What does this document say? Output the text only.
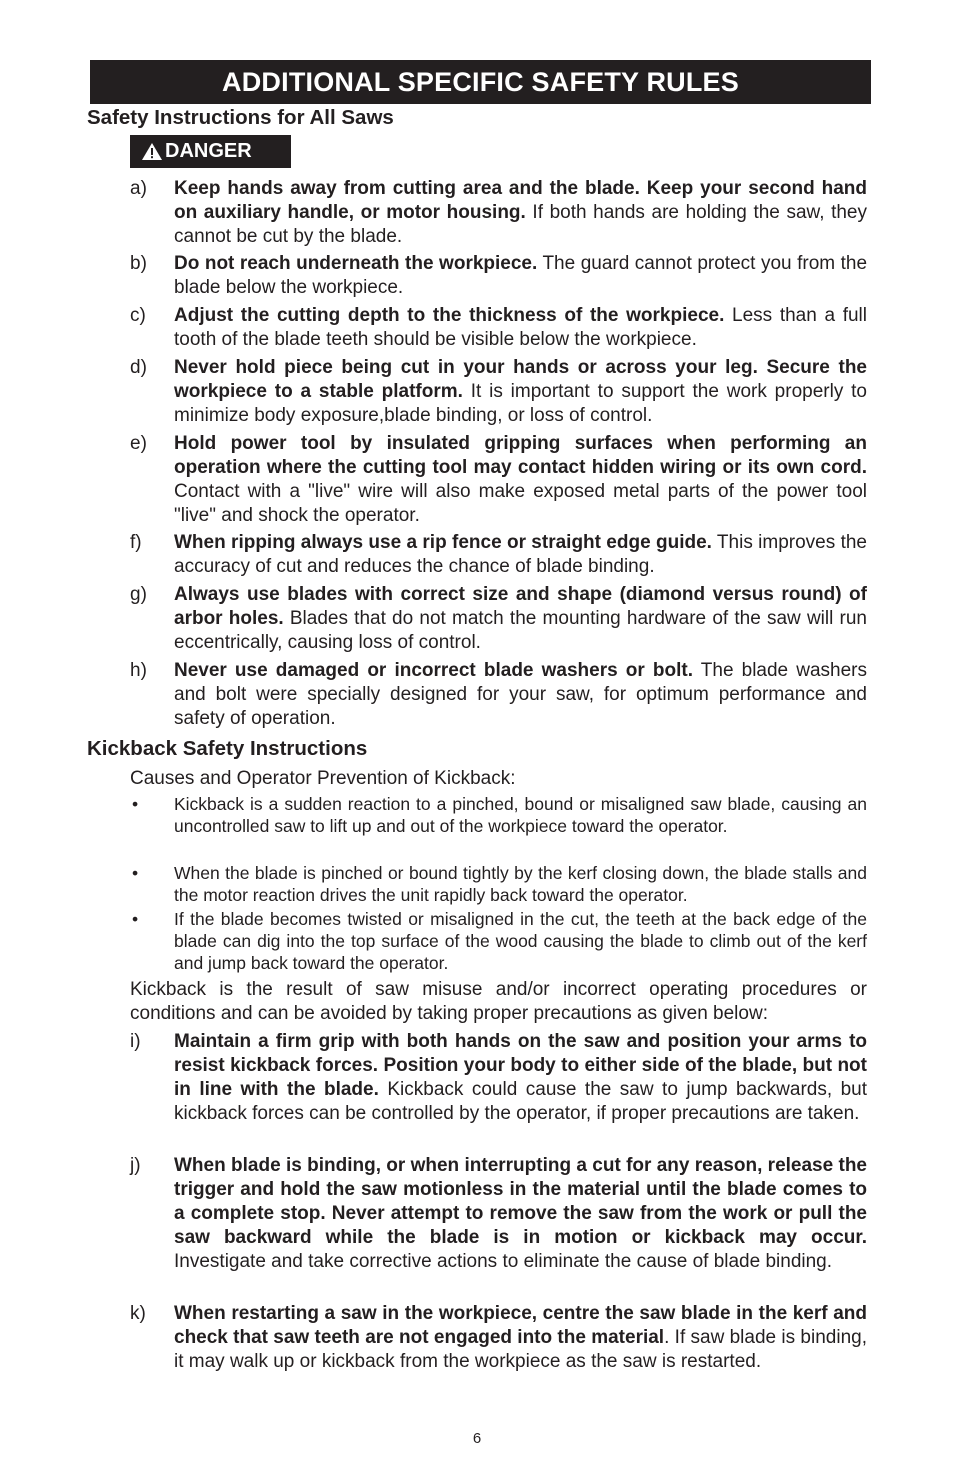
ADDITIONAL SPECIFIC SAFETY RULES
Safety Instructions for All Saws
DANGER
a) Keep hands away from cutting area and the blade. Keep your second hand on auxiliary handle, or motor housing. If both hands are holding the saw, they cannot be cut by the blade.
b) Do not reach underneath the workpiece. The guard cannot protect you from the blade below the workpiece.
c) Adjust the cutting depth to the thickness of the workpiece. Less than a full tooth of the blade teeth should be visible below the workpiece.
d) Never hold piece being cut in your hands or across your leg. Secure the workpiece to a stable platform. It is important to support the work properly to minimize body exposure,blade binding, or loss of control.
e) Hold power tool by insulated gripping surfaces when performing an operation where the cutting tool may contact hidden wiring or its own cord. Contact with a "live" wire will also make exposed metal parts of the power tool "live" and shock the operator.
f) When ripping always use a rip fence or straight edge guide. This improves the accuracy of cut and reduces the chance of blade binding.
g) Always use blades with correct size and shape (diamond versus round) of arbor holes. Blades that do not match the mounting hardware of the saw will run eccentrically, causing loss of control.
h) Never use damaged or incorrect blade washers or bolt. The blade washers and bolt were specially designed for your saw, for optimum performance and safety of operation.
Kickback Safety Instructions
Causes and Operator Prevention of Kickback:
• Kickback is a sudden reaction to a pinched, bound or misaligned saw blade, causing an uncontrolled saw to lift up and out of the workpiece toward the operator.
• When the blade is pinched or bound tightly by the kerf closing down, the blade stalls and the motor reaction drives the unit rapidly back toward the operator.
• If the blade becomes twisted or misaligned in the cut, the teeth at the back edge of the blade can dig into the top surface of the wood causing the blade to climb out of the kerf and jump back toward the operator.
Kickback is the result of saw misuse and/or incorrect operating procedures or conditions and can be avoided by taking proper precautions as given below:
i) Maintain a firm grip with both hands on the saw and position your arms to resist kickback forces. Position your body to either side of the blade, but not in line with the blade. Kickback could cause the saw to jump backwards, but kickback forces can be controlled by the operator, if proper precautions are taken.
j) When blade is binding, or when interrupting a cut for any reason, release the trigger and hold the saw motionless in the material until the blade comes to a complete stop. Never attempt to remove the saw from the work or pull the saw backward while the blade is in motion or kickback may occur. Investigate and take corrective actions to eliminate the cause of blade binding.
k) When restarting a saw in the workpiece, centre the saw blade in the kerf and check that saw teeth are not engaged into the material. If saw blade is binding, it may walk up or kickback from the workpiece as the saw is restarted.
6
